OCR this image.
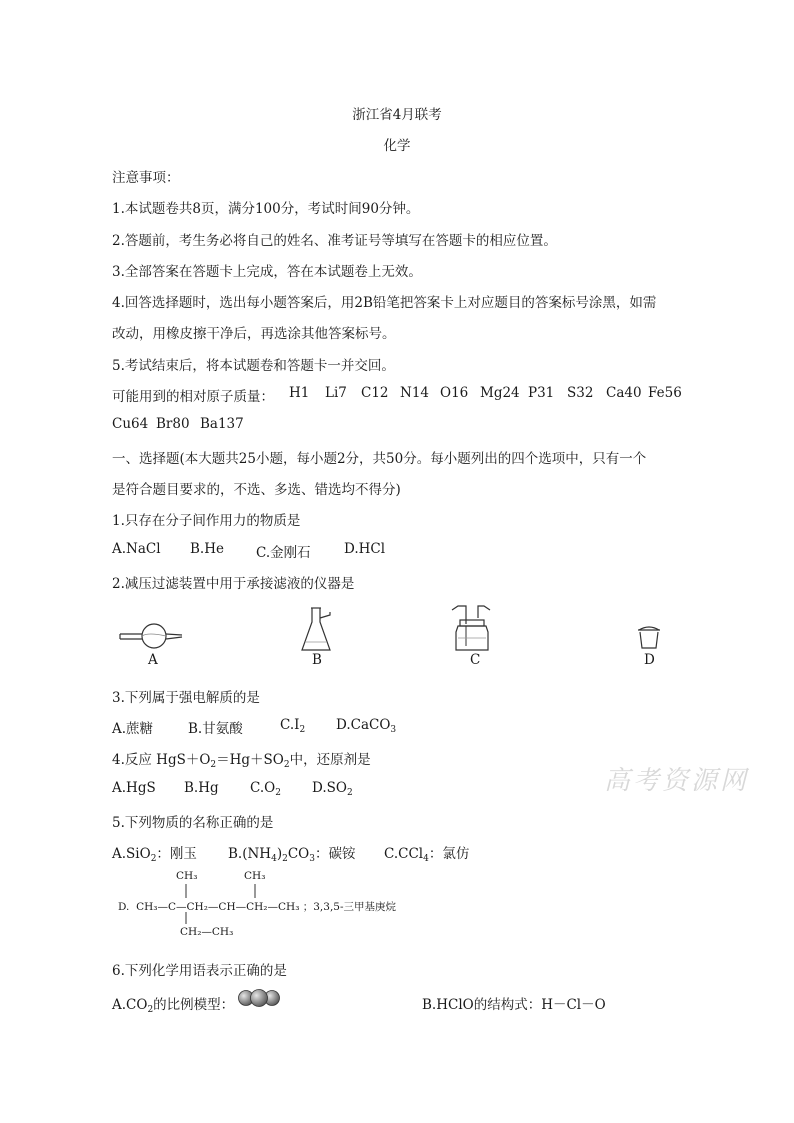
浙江省4月联考
化学
注意事项：
1.本试题卷共8页，满分100分，考试时间90分钟。
2.答题前，考生务必将自己的姓名、准考证号等填写在答题卡的相应位置。
3.全部答案在答题卡上完成，答在本试题卷上无效。
4.回答选择题时，选出每小题答案后，用2B铅笔把答案卡上对应题目的答案标号涂黑，如需
改动，用橡皮擦干净后，再选涂其他答案标号。
5.考试结束后，将本试题卷和答题卡一并交回。
可能用到的相对原子质量： H1 Li7 C12 N14 O16 Mg24 P31 S32 Ca40 Fe56
Cu64 Br80 Ba137
一、选择题(本大题共25小题，每小题2分，共50分。每小题列出的四个选项中，只有一个
是符合题目要求的，不选、多选、错选均不得分)
1.只存在分子间作用力的物质是
A.NaCl B.He C.金刚石 D.HCl
2.减压过滤装置中用于承接滤液的仪器是
A	B	C	D
3.下列属于强电解质的是
A.蔗糖	B.甘氨酸	$C.I_2$ D.CaCO$_3$
4.反应 $HgS+O_2=Hg+SO_2$中，还原剂是
A.HgS B.Hg $C.O_2$ $D.SO_2$	高考资源网
5.下列物质的名称正确的是
A.SiO$_2$：刚玉 $B.(NH_4)_2CO_3$：碳铵 C.CCl$_4$：氯仿
CH₃	CH₃
D. CH₃—C—CH₂—CH—CH₂—CH₃ ；3,3,5-三甲基庚烷
CH₂—CH₃
6.下列化学用语表示正确的是
$A.CO_2$的比例模型：	B.HClO的结构式：H－Cl－O
